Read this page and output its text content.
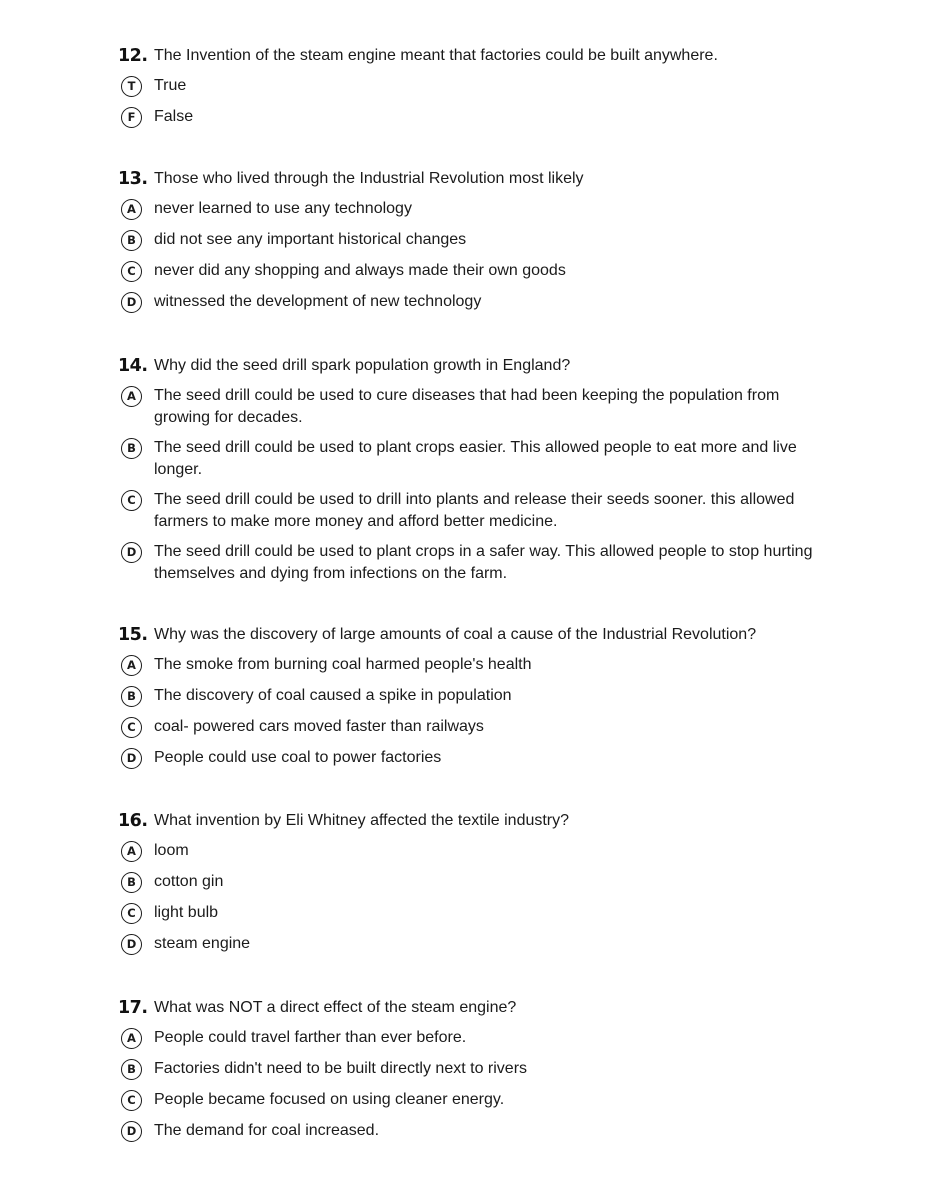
12. The Invention of the steam engine meant that factories could be built anywhere.
T	True
F	False
13. Those who lived through the Industrial Revolution most likely
A	never learned to use any technology
B	did not see any important historical changes
C	never did any shopping and always made their own goods
D	witnessed the development of new technology
14. Why did the seed drill spark population growth in England?
A	The seed drill could be used to cure diseases that had been keeping the population from growing for decades.
B	The seed drill could be used to plant crops easier. This allowed people to eat more and live longer.
C	The seed drill could be used to drill into plants and release their seeds sooner. this allowed farmers to make more money and afford better medicine.
D	The seed drill could be used to plant crops in a safer way. This allowed people to stop hurting themselves and dying from infections on the farm.
15. Why was the discovery of large amounts of coal a cause of the Industrial Revolution?
A	The smoke from burning coal harmed people's health
B	The discovery of coal caused a spike in population
C	coal- powered cars moved faster than railways
D	People could use coal to power factories
16. What invention by Eli Whitney affected the textile industry?
A	loom
B	cotton gin
C	light bulb
D	steam engine
17. What was NOT a direct effect of the steam engine?
A	People could travel farther than ever before.
B	Factories didn't need to be built directly next to rivers
C	People became focused on using cleaner energy.
D	The demand for coal increased.
